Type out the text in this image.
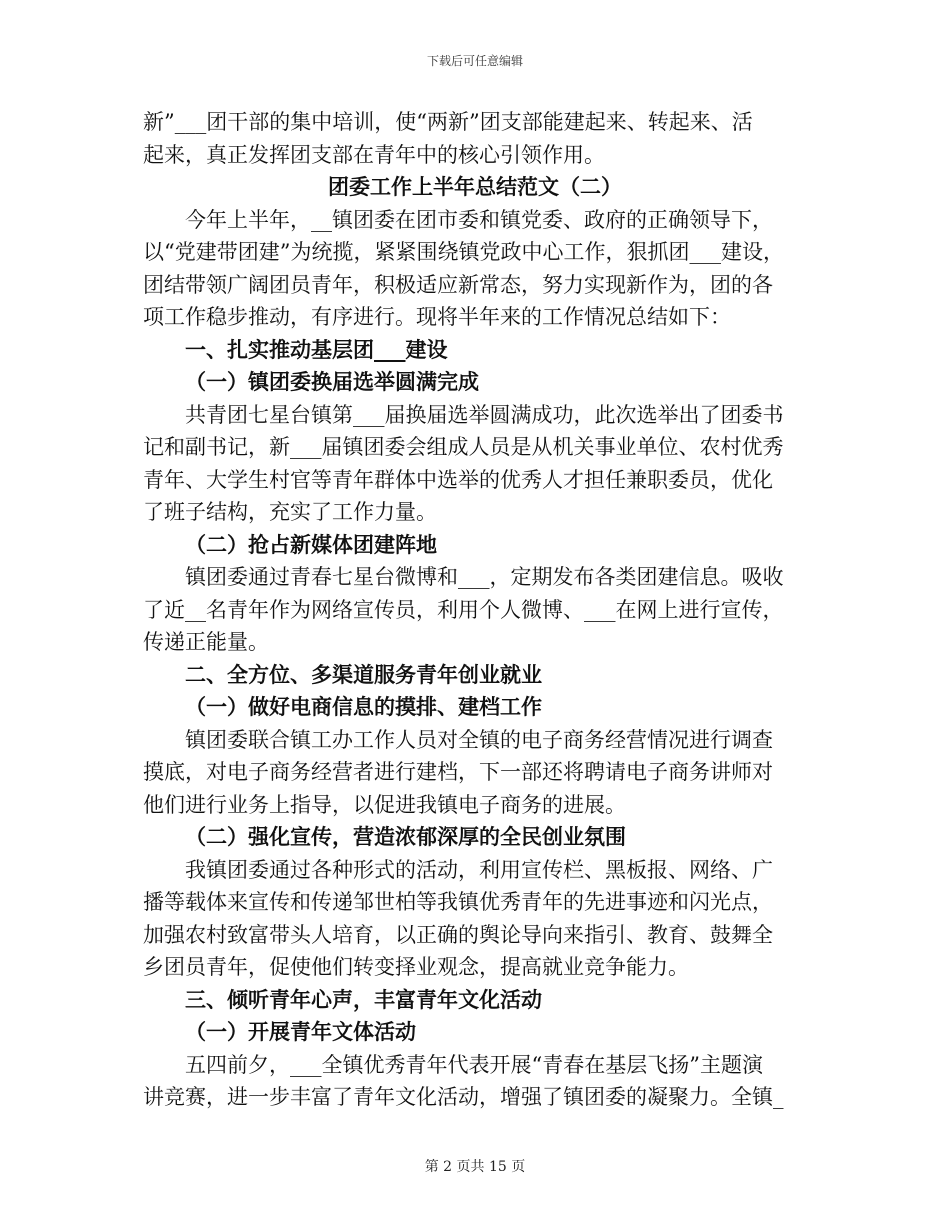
下载后可任意编辑
新”___团干部的集中培训，使“两新”团支部能建起来、转起来、活
起来，真正发挥团支部在青年中的核心引领作用。
团委工作上半年总结范文（二）
今年上半年，__镇团委在团市委和镇党委、政府的正确领导下，
以“党建带团建”为统揽，紧紧围绕镇党政中心工作，狠抓团___建设，
团结带领广阔团员青年，积极适应新常态，努力实现新作为，团的各
项工作稳步推动，有序进行。现将半年来的工作情况总结如下：
一、扎实推动基层团___建设
（一）镇团委换届选举圆满完成
共青团七星台镇第___届换届选举圆满成功，此次选举出了团委书
记和副书记，新___届镇团委会组成人员是从机关事业单位、农村优秀
青年、大学生村官等青年群体中选举的优秀人才担任兼职委员，优化
了班子结构，充实了工作力量。
（二）抢占新媒体团建阵地
镇团委通过青春七星台微博和___，定期发布各类团建信息。吸收
了近__名青年作为网络宣传员，利用个人微博、___在网上进行宣传，
传递正能量。
二、全方位、多渠道服务青年创业就业
（一）做好电商信息的摸排、建档工作
镇团委联合镇工办工作人员对全镇的电子商务经营情况进行调查
摸底，对电子商务经营者进行建档，下一部还将聘请电子商务讲师对
他们进行业务上指导，以促进我镇电子商务的进展。
（二）强化宣传，营造浓郁深厚的全民创业氛围
我镇团委通过各种形式的活动，利用宣传栏、黑板报、网络、广
播等载体来宣传和传递邹世柏等我镇优秀青年的先进事迹和闪光点，
加强农村致富带头人培育，以正确的舆论导向来指引、教育、鼓舞全
乡团员青年，促使他们转变择业观念，提高就业竞争能力。
三、倾听青年心声，丰富青年文化活动
（一）开展青年文体活动
五四前夕，___全镇优秀青年代表开展“青春在基层飞扬”主题演
讲竞赛，进一步丰富了青年文化活动，增强了镇团委的凝聚力。全镇_
第 2 页共 15 页
